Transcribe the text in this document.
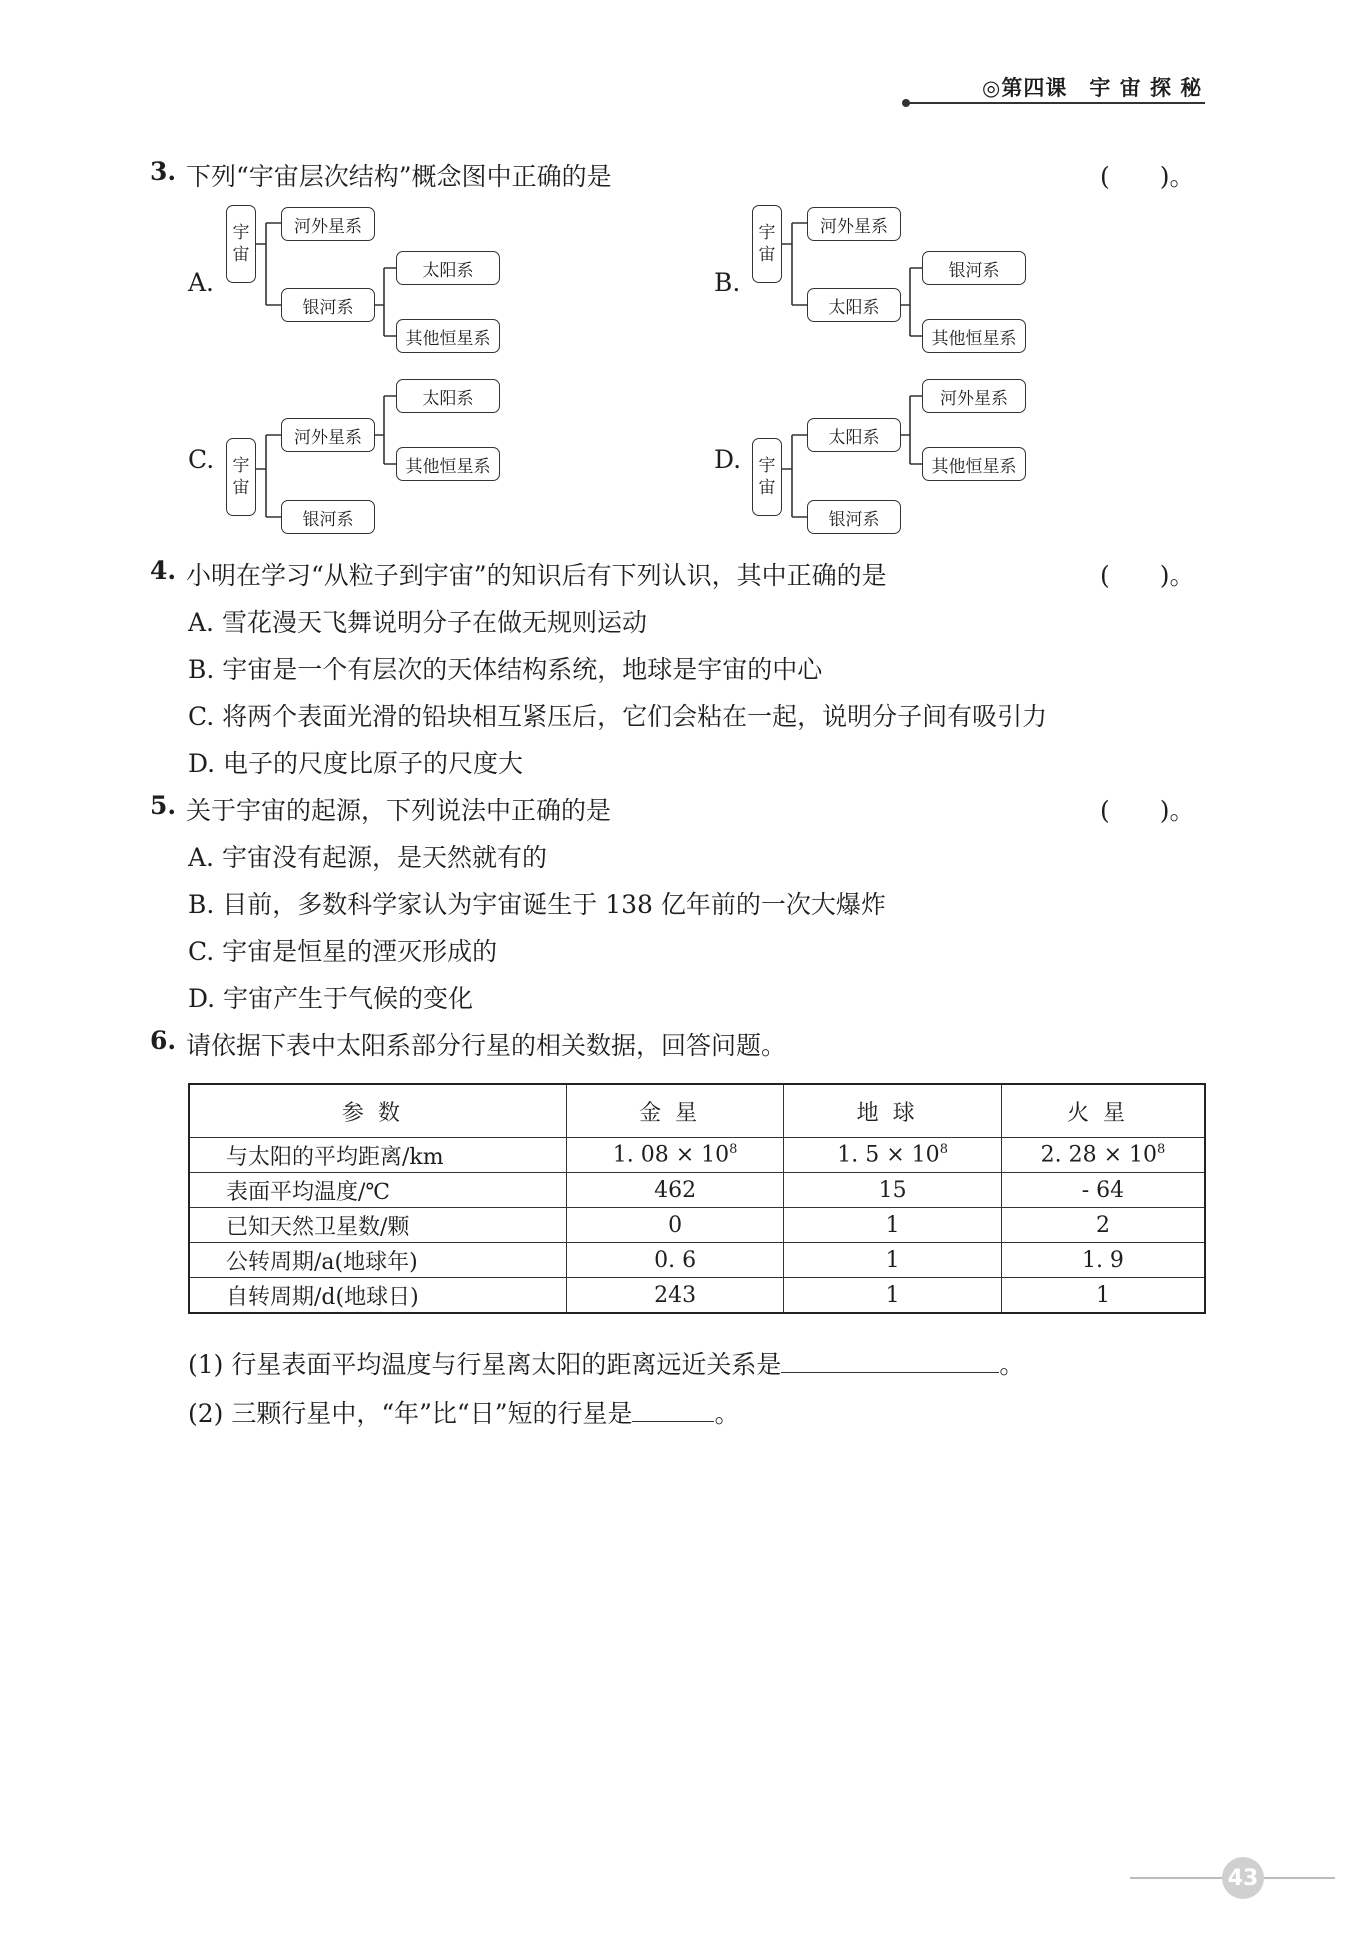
◎第四课　宇 宙 探 秘
3. 下列“宇宙层次结构”概念图中正确的是	(　　)。
A.
宇
宙
河外星系
银河系
太阳系
其他恒星系
B.
宇
宙
河外星系
太阳系
银河系
其他恒星系
C. 宇
宙
河外星系
银河系
太阳系
其他恒星系	D. 宇
宙
太阳系
银河系
河外星系
其他恒星系
4. 小明在学习“从粒子到宇宙”的知识后有下列认识，其中正确的是	(　　)。
A. 雪花漫天飞舞说明分子在做无规则运动
B. 宇宙是一个有层次的天体结构系统，地球是宇宙的中心
C. 将两个表面光滑的铅块相互紧压后，它们会粘在一起，说明分子间有吸引力
D. 电子的尺度比原子的尺度大
5. 关于宇宙的起源，下列说法中正确的是	(　　)。
A. 宇宙没有起源，是天然就有的
B. 目前，多数科学家认为宇宙诞生于 138 亿年前的一次大爆炸
C. 宇宙是恒星的湮灭形成的
D. 宇宙产生于气候的变化
6. 请依据下表中太阳系部分行星的相关数据，回答问题。
参数	金星	地球	火星
与太阳的平均距离/km	1. $08 \times 10^8$	1. $5 \times 10^8$	2. $28 \times 10^8$
表面平均温度/℃	462	15	- 64
已知天然卫星数/颗	0	1	2
公转周期/a(地球年)	0. 6	1	1. 9
自转周期/d(地球日)	243	1	1
(1) 行星表面平均温度与行星离太阳的距离远近关系是	。
(2) 三颗行星中，“年”比“日”短的行星是	。
43
